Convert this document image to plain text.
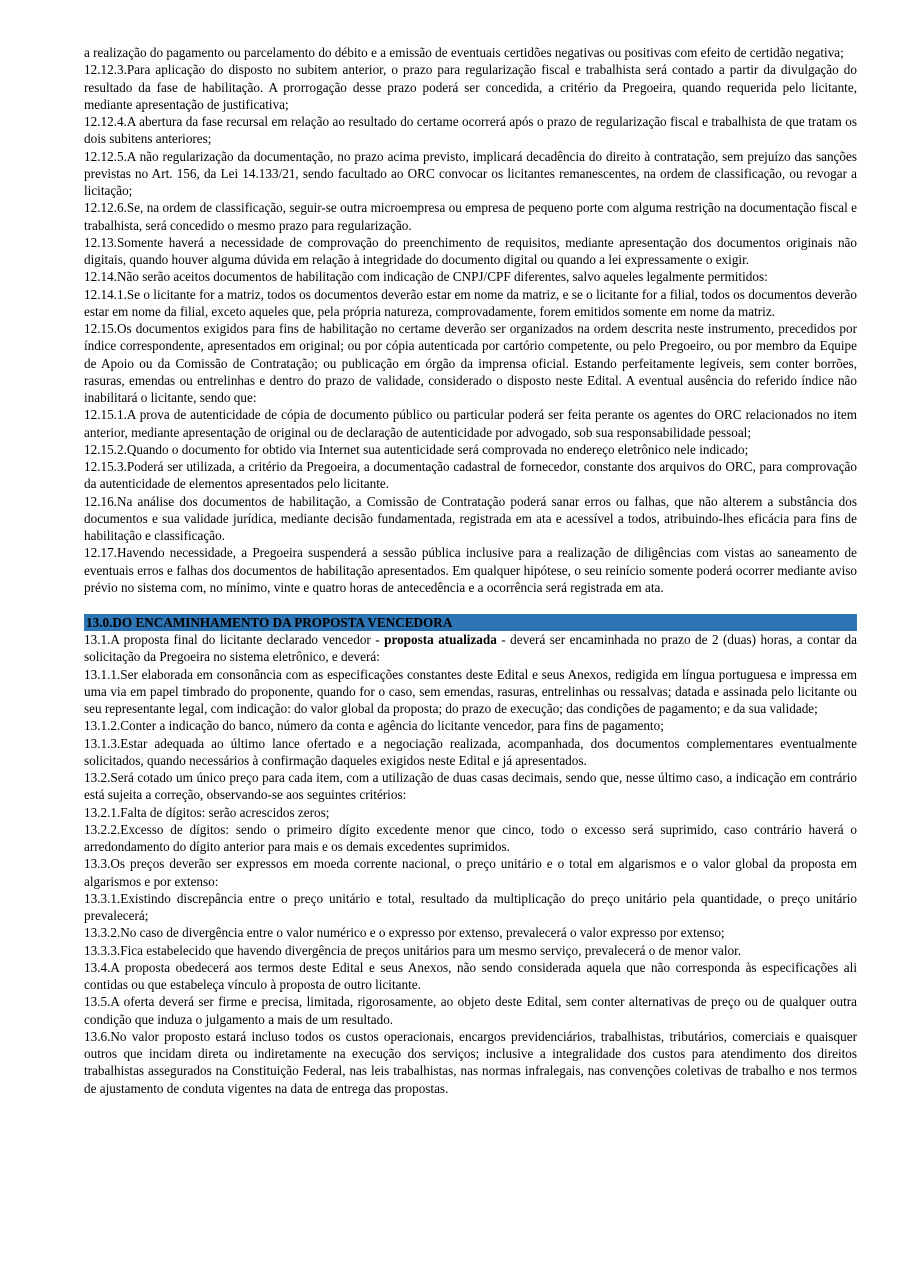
a realização do pagamento ou parcelamento do débito e a emissão de eventuais certidões negativas ou positivas com efeito de certidão negativa;

12.12.3.Para aplicação do disposto no subitem anterior, o prazo para regularização fiscal e trabalhista será contado a partir da divulgação do resultado da fase de habilitação. A prorrogação desse prazo poderá ser concedida, a critério da Pregoeira, quando requerida pelo licitante, mediante apresentação de justificativa;

12.12.4.A abertura da fase recursal em relação ao resultado do certame ocorrerá após o prazo de regularização fiscal e trabalhista de que tratam os dois subitens anteriores;

12.12.5.A não regularização da documentação, no prazo acima previsto, implicará decadência do direito à contratação, sem prejuízo das sanções previstas no Art. 156, da Lei 14.133/21, sendo facultado ao ORC convocar os licitantes remanescentes, na ordem de classificação, ou revogar a licitação;

12.12.6.Se, na ordem de classificação, seguir-se outra microempresa ou empresa de pequeno porte com alguma restrição na documentação fiscal e trabalhista, será concedido o mesmo prazo para regularização.

12.13.Somente haverá a necessidade de comprovação do preenchimento de requisitos, mediante apresentação dos documentos originais não digitais, quando houver alguma dúvida em relação à integridade do documento digital ou quando a lei expressamente o exigir.

12.14.Não serão aceitos documentos de habilitação com indicação de CNPJ/CPF diferentes, salvo aqueles legalmente permitidos:

12.14.1.Se o licitante for a matriz, todos os documentos deverão estar em nome da matriz, e se o licitante for a filial, todos os documentos deverão estar em nome da filial, exceto aqueles que, pela própria natureza, comprovadamente, forem emitidos somente em nome da matriz.

12.15.Os documentos exigidos para fins de habilitação no certame deverão ser organizados na ordem descrita neste instrumento, precedidos por índice correspondente, apresentados em original; ou por cópia autenticada por cartório competente, ou pelo Pregoeiro, ou por membro da Equipe de Apoio ou da Comissão de Contratação; ou publicação em órgão da imprensa oficial. Estando perfeitamente legíveis, sem conter borrões, rasuras, emendas ou entrelinhas e dentro do prazo de validade, considerado o disposto neste Edital. A eventual ausência do referido índice não inabilitará o licitante, sendo que:

12.15.1.A prova de autenticidade de cópia de documento público ou particular poderá ser feita perante os agentes do ORC relacionados no item anterior, mediante apresentação de original ou de declaração de autenticidade por advogado, sob sua responsabilidade pessoal;

12.15.2.Quando o documento for obtido via Internet sua autenticidade será comprovada no endereço eletrônico nele indicado;

12.15.3.Poderá ser utilizada, a critério da Pregoeira, a documentação cadastral de fornecedor, constante dos arquivos do ORC, para comprovação da autenticidade de elementos apresentados pelo licitante.

12.16.Na análise dos documentos de habilitação, a Comissão de Contratação poderá sanar erros ou falhas, que não alterem a substância dos documentos e sua validade jurídica, mediante decisão fundamentada, registrada em ata e acessível a todos, atribuindo-lhes eficácia para fins de habilitação e classificação.

12.17.Havendo necessidade, a Pregoeira suspenderá a sessão pública inclusive para a realização de diligências com vistas ao saneamento de eventuais erros e falhas dos documentos de habilitação apresentados. Em qualquer hipótese, o seu reinício somente poderá ocorrer mediante aviso prévio no sistema com, no mínimo, vinte e quatro horas de antecedência e a ocorrência será registrada em ata.

13.0.DO ENCAMINHAMENTO DA PROPOSTA VENCEDORA

13.1.A proposta final do licitante declarado vencedor - proposta atualizada - deverá ser encaminhada no prazo de 2 (duas) horas, a contar da solicitação da Pregoeira no sistema eletrônico, e deverá:

13.1.1.Ser elaborada em consonância com as especificações constantes deste Edital e seus Anexos, redigida em língua portuguesa e impressa em uma via em papel timbrado do proponente, quando for o caso, sem emendas, rasuras, entrelinhas ou ressalvas; datada e assinada pelo licitante ou seu representante legal, com indicação: do valor global da proposta; do prazo de execução; das condições de pagamento; e da sua validade;

13.1.2.Conter a indicação do banco, número da conta e agência do licitante vencedor, para fins de pagamento;

13.1.3.Estar adequada ao último lance ofertado e a negociação realizada, acompanhada, dos documentos complementares eventualmente solicitados, quando necessários à confirmação daqueles exigidos neste Edital e já apresentados.

13.2.Será cotado um único preço para cada item, com a utilização de duas casas decimais, sendo que, nesse último caso, a indicação em contrário está sujeita a correção, observando-se aos seguintes critérios:

13.2.1.Falta de dígitos: serão acrescidos zeros;

13.2.2.Excesso de dígitos: sendo o primeiro dígito excedente menor que cinco, todo o excesso será suprimido, caso contrário haverá o arredondamento do dígito anterior para mais e os demais excedentes suprimidos.

13.3.Os preços deverão ser expressos em moeda corrente nacional, o preço unitário e o total em algarismos e o valor global da proposta em algarismos e por extenso:

13.3.1.Existindo discrepância entre o preço unitário e total, resultado da multiplicação do preço unitário pela quantidade, o preço unitário prevalecerá;

13.3.2.No caso de divergência entre o valor numérico e o expresso por extenso, prevalecerá o valor expresso por extenso;

13.3.3.Fica estabelecido que havendo divergência de preços unitários para um mesmo serviço, prevalecerá o de menor valor.

13.4.A proposta obedecerá aos termos deste Edital e seus Anexos, não sendo considerada aquela que não corresponda às especificações ali contidas ou que estabeleça vínculo à proposta de outro licitante.

13.5.A oferta deverá ser firme e precisa, limitada, rigorosamente, ao objeto deste Edital, sem conter alternativas de preço ou de qualquer outra condição que induza o julgamento a mais de um resultado.

13.6.No valor proposto estará incluso todos os custos operacionais, encargos previdenciários, trabalhistas, tributários, comerciais e quaisquer outros que incidam direta ou indiretamente na execução dos serviços; inclusive a integralidade dos custos para atendimento dos direitos trabalhistas assegurados na Constituição Federal, nas leis trabalhistas, nas normas infralegais, nas convenções coletivas de trabalho e nos termos de ajustamento de conduta vigentes na data de entrega das propostas.
